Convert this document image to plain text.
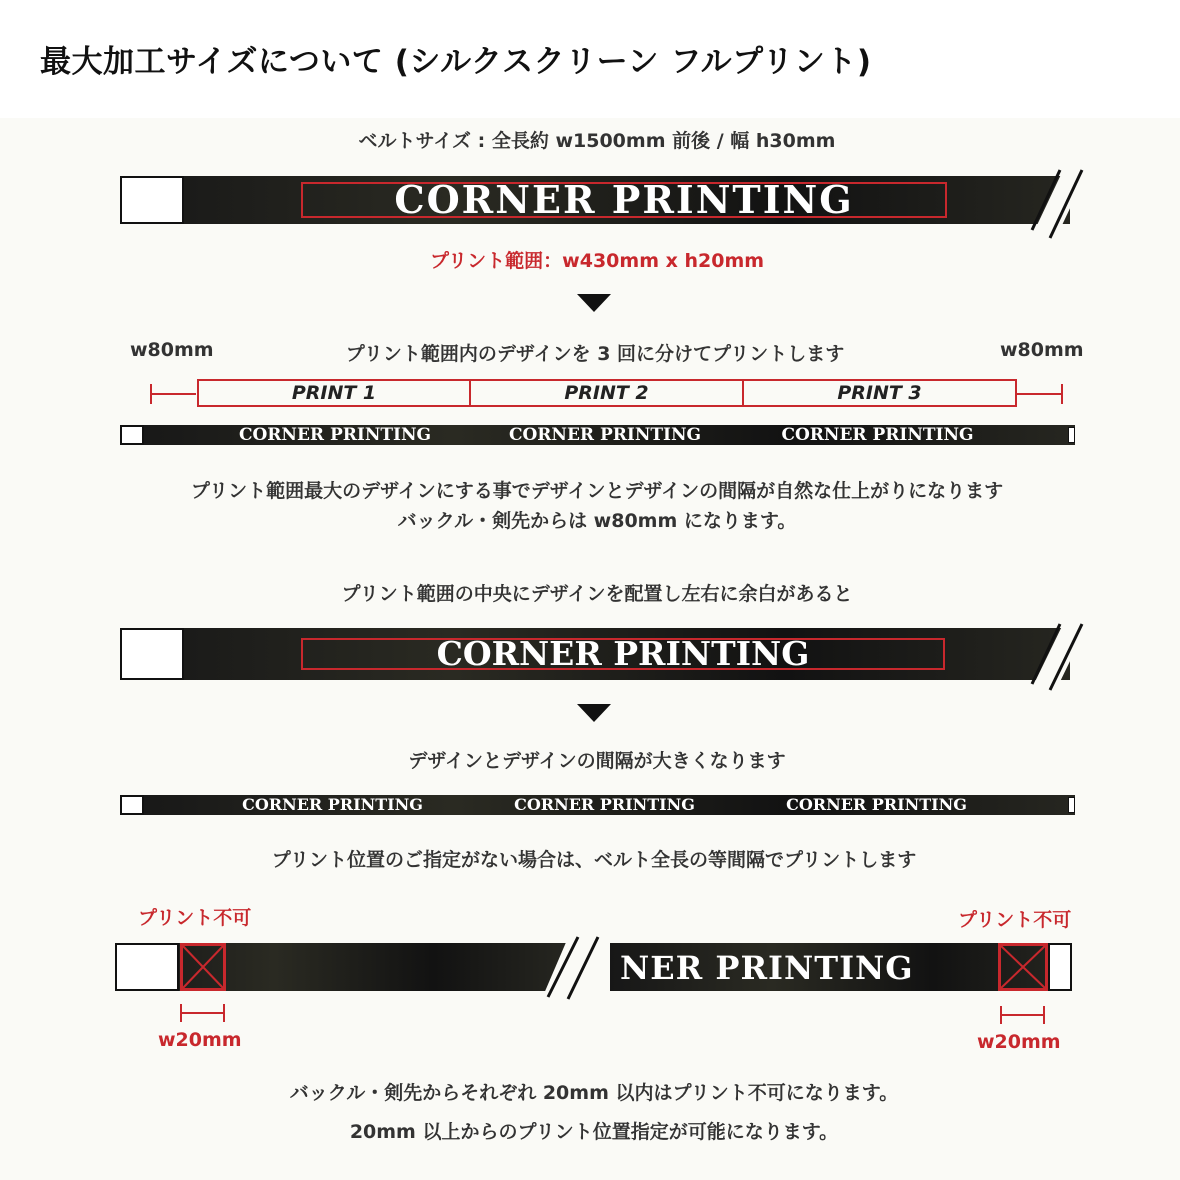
最大加工サイズについて (シルクスクリーン フルプリント)
ベルトサイズ : 全長約 w1500mm 前後 / 幅 h30mm
CORNER PRINTING
プリント範囲：w430mm x h20mm
w80mm	プリント範囲内のデザインを 3 回に分けてプリントします	w80mm
PRINT 1	PRINT 2	PRINT 3
CORNER PRINTING	CORNER PRINTING	CORNER PRINTING
プリント範囲最大のデザインにする事でデザインとデザインの間隔が自然な仕上がりになります
バックル・剣先からは w80mm になります。
プリント範囲の中央にデザインを配置し左右に余白があると
CORNER PRINTING
デザインとデザインの間隔が大きくなります
CORNER PRINTING	CORNER PRINTING	CORNER PRINTING
プリント位置のご指定がない場合は、ベルト全長の等間隔でプリントします
プリント不可	プリント不可
NER PRINTING
w20mm	w20mm
バックル・剣先からそれぞれ 20mm 以内はプリント不可になります。
20mm 以上からのプリント位置指定が可能になります。
